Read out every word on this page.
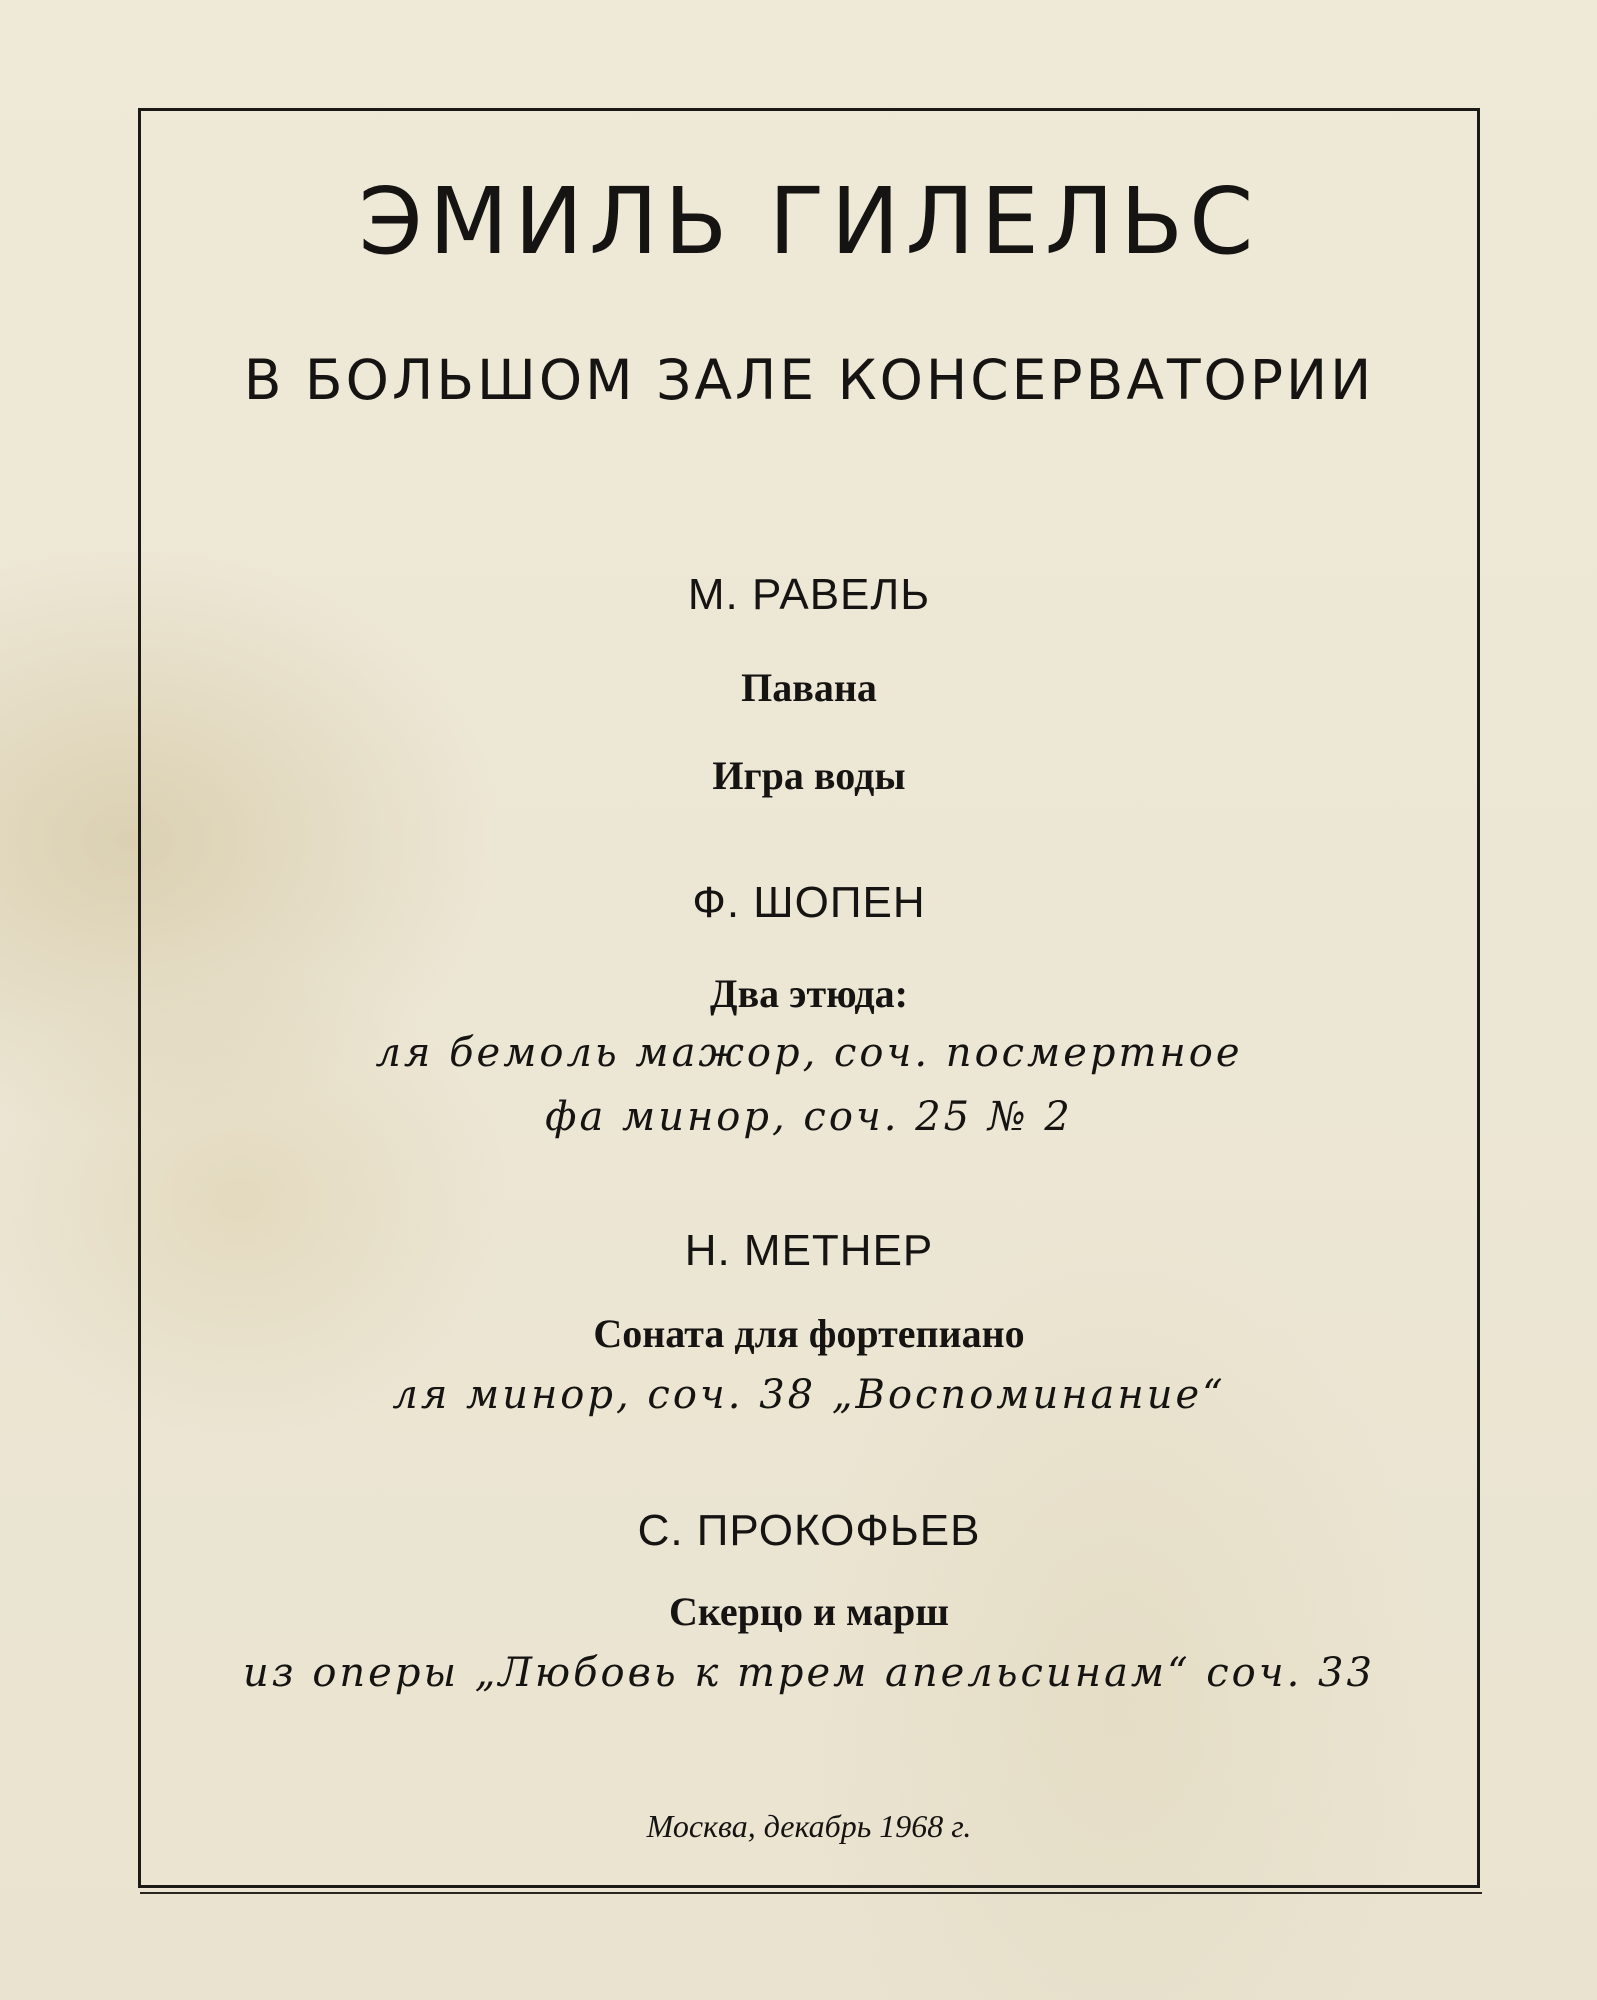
ЭМИЛЬ ГИЛЕЛЬС
В БОЛЬШОМ ЗАЛЕ КОНСЕРВАТОРИИ
М. РАВЕЛЬ
Павана
Игра воды
Ф. ШОПЕН
Два этюда:
ля бемоль мажор, соч. посмертное
фа минор, соч. 25 № 2
Н. МЕТНЕР
Соната для фортепиано
ля минор, соч. 38 „Воспоминание“
С. ПРОКОФЬЕВ
Скерцо и марш
из оперы „Любовь к трем апельсинам“ соч. 33
Москва, декабрь 1968 г.
